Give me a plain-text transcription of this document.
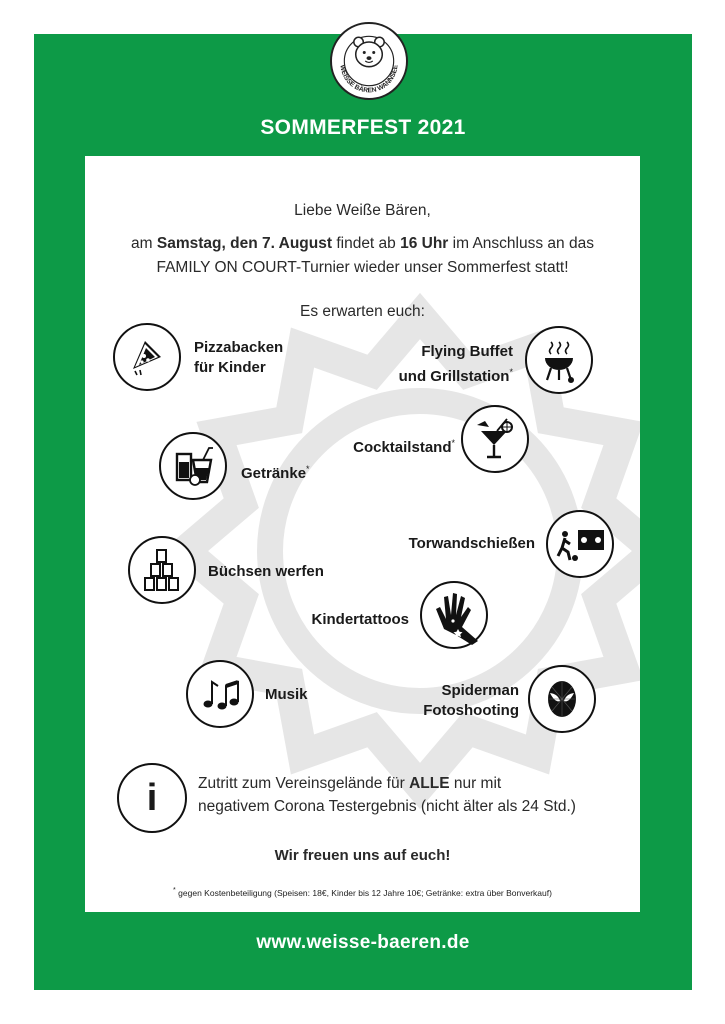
WEISSE BÄREN WANNSEE
SOMMERFEST 2021
Liebe Weiße Bären,
am Samstag, den 7. August findet ab 16 Uhr im Anschluss an das
FAMILY ON COURT-Turnier wieder unser Sommerfest statt!
Es erwarten euch:
Pizzabacken
für Kinder
Flying Buffet
und Grillstation*
Cocktailstand*
Getränke*
Torwandschießen
Büchsen werfen
Kindertattoos
Musik	Spiderman
Fotoshooting
i	Zutritt zum Vereinsgelände für ALLE nur mit
negativem Corona Testergebnis (nicht älter als 24 Std.)
Wir freuen uns auf euch!
* gegen Kostenbeteiligung (Speisen: 18€, Kinder bis 12 Jahre 10€; Getränke: extra über Bonverkauf)
www.weisse-baeren.de
